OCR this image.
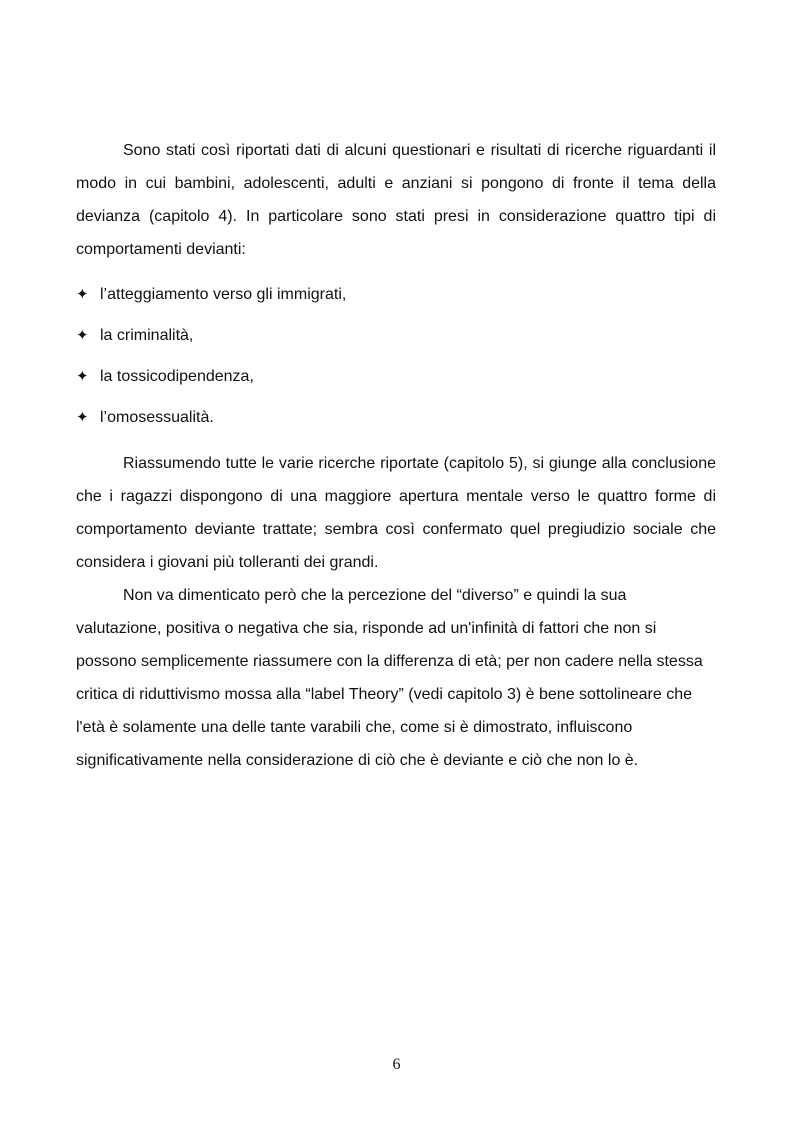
Sono stati così riportati dati di alcuni questionari e risultati di ricerche riguardanti il modo in cui bambini, adolescenti, adulti e anziani si pongono di fronte il tema della devianza (capitolo 4). In particolare sono stati presi in considerazione quattro tipi di comportamenti devianti:

✦ l’atteggiamento verso gli immigrati,
✦ la criminalità,
✦ la tossicodipendenza,
✦ l’omosessualità.

Riassumendo tutte le varie ricerche riportate (capitolo 5), si giunge alla conclusione che i ragazzi dispongono di una maggiore apertura mentale verso le quattro forme di comportamento deviante trattate; sembra così confermato quel pregiudizio sociale che considera i giovani più tolleranti dei grandi.

Non va dimenticato però che la percezione del “diverso” e quindi la sua valutazione, positiva o negativa che sia, risponde ad un'infinità di fattori che non si possono semplicemente riassumere con la differenza di età; per non cadere nella stessa critica di riduttivismo mossa alla “label Theory” (vedi capitolo 3) è bene sottolineare che l'età è solamente una delle tante varabili che, come si è dimostrato, influiscono significativamente nella considerazione di ciò che è deviante e ciò che non lo è.

6
